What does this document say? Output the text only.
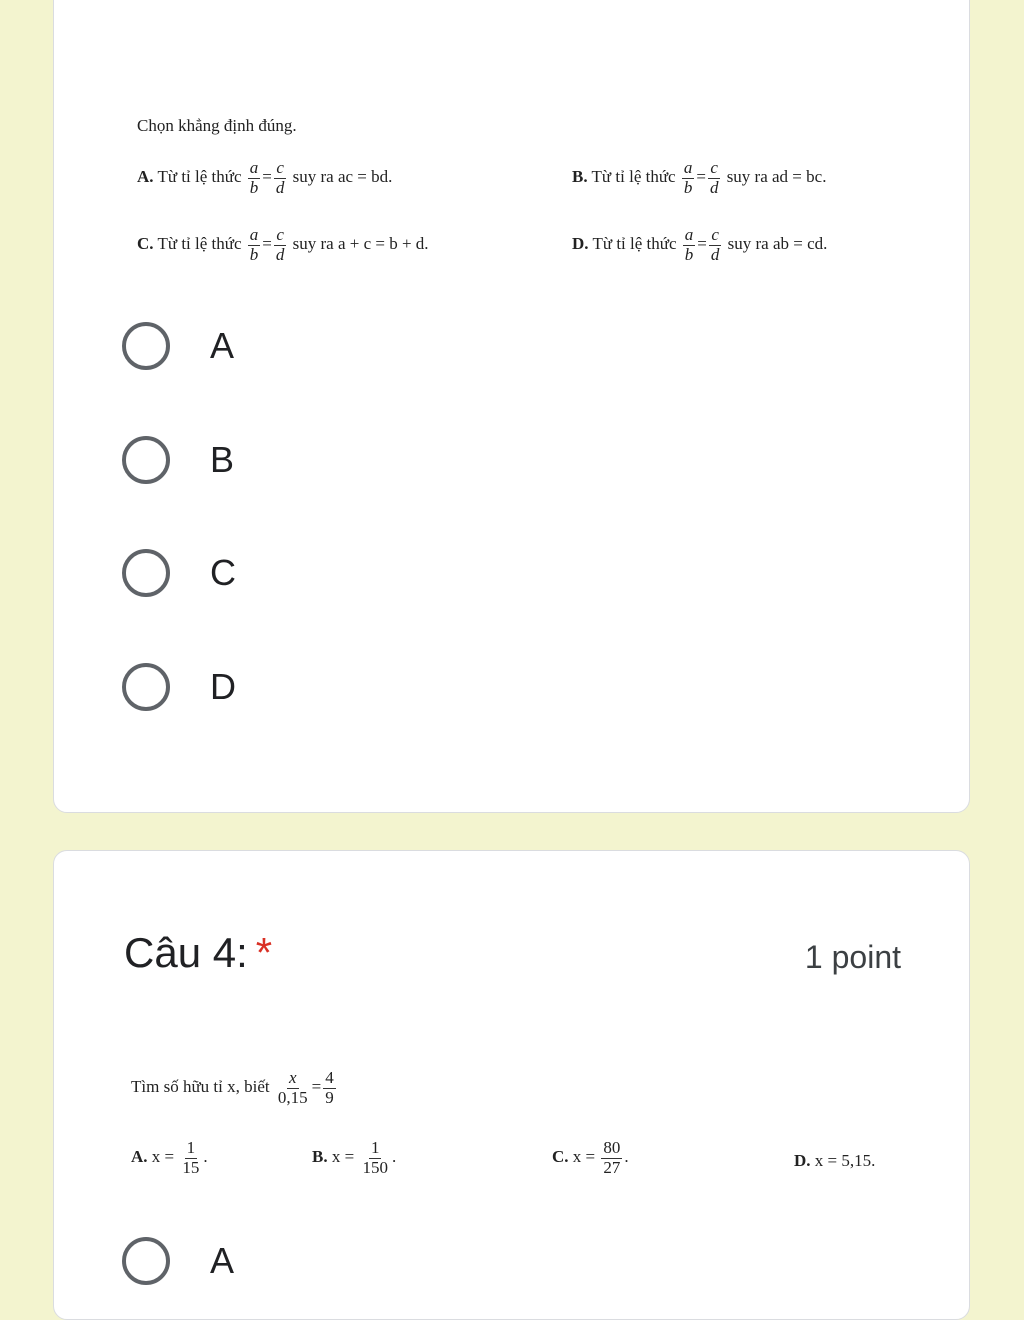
Chọn khẳng định đúng.
A. Từ tỉ lệ thức $\frac{a}{b} = \frac{c}{d}$ suy ra ac = bd.	B. Từ tỉ lệ thức $\frac{a}{b} = \frac{c}{d}$ suy ra ad = bc.
C. Từ tỉ lệ thức $\frac{a}{b} = \frac{c}{d}$ suy ra a + c = b + d.	D. Từ tỉ lệ thức $\frac{a}{b} = \frac{c}{d}$ suy ra ab = cd.
A
B
C
D
Câu 4: *	1 point
Tìm số hữu tỉ x, biết $\frac{x}{0,15} = \frac{4}{9}$
A. $x = \frac{1}{15}$ .	B. $x = \frac{1}{150}$ .	C. $x = \frac{80}{27}$ .	D. x = 5,15.
A
